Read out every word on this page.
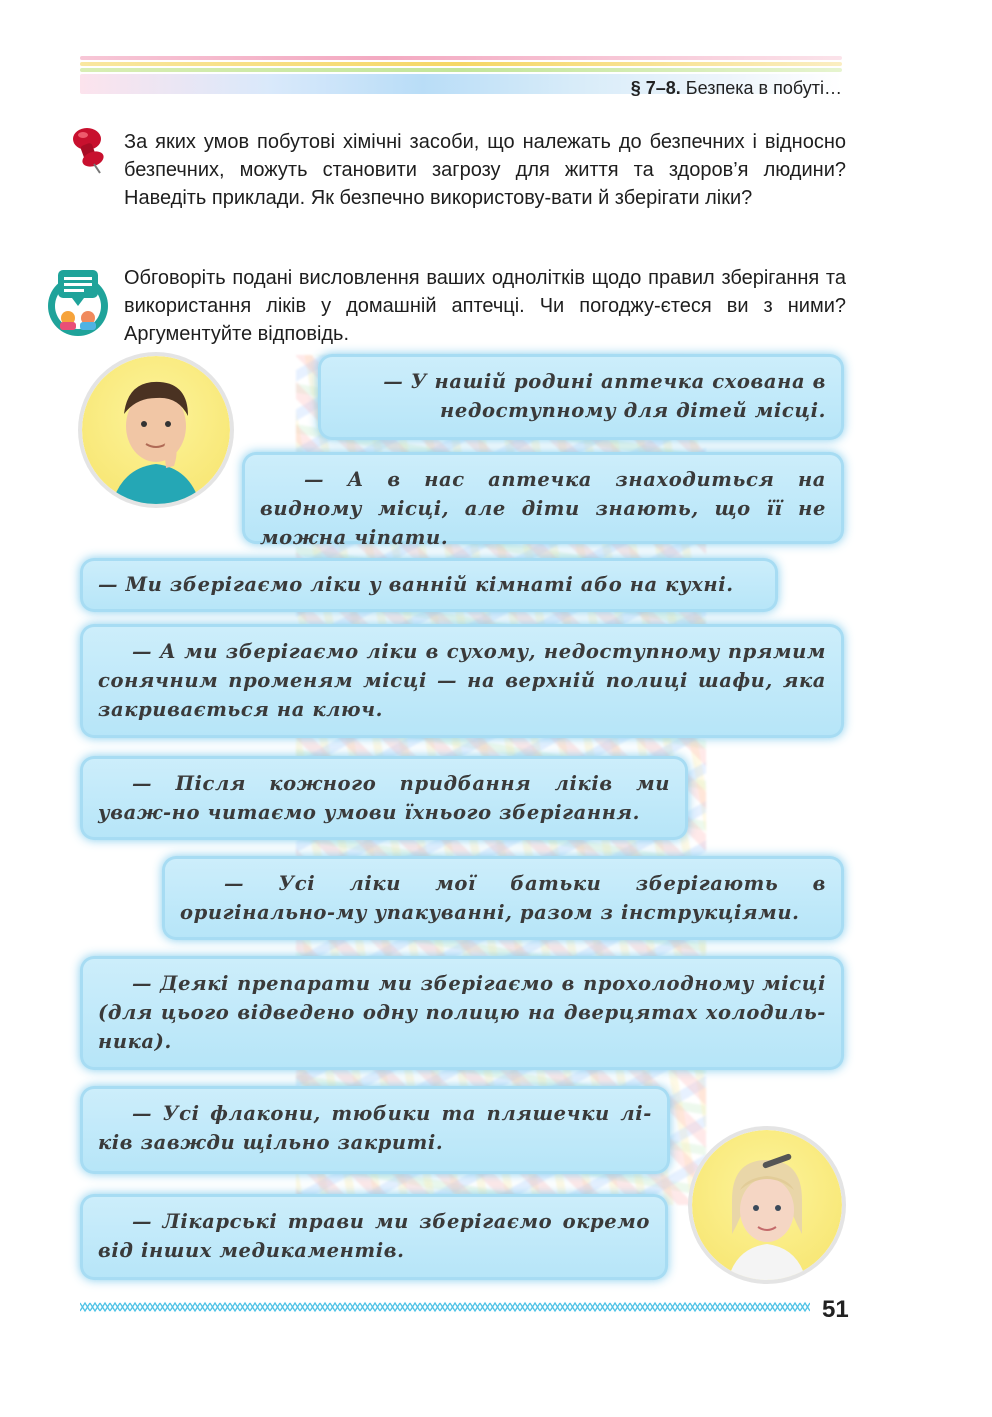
§ 7–8. Безпека в побуті…
За яких умов побутові хімічні засоби, що належать до безпечних і відносно безпечних, можуть становити загрозу для життя та здоров’я людини? Наведіть приклади. Як безпечно використову-вати й зберігати ліки?
Обговоріть подані висловлення ваших однолітків щодо правил зберігання та використання ліків у домашній аптечці. Чи погоджу-єтеся ви з ними? Аргументуйте відповідь.
— У нашій родині аптечка схована в недоступному для дітей місці.
— А в нас аптечка знаходиться на видному місці, але діти знають, що її не можна чіпати.
— Ми зберігаємо ліки у ванній кімнаті або на кухні.
— А ми зберігаємо ліки в сухому, недоступному прямим сонячним променям місці — на верхній полиці шафи, яка закривається на ключ.
— Після кожного придбання ліків ми уваж-но читаємо умови їхнього зберігання.
— Усі ліки мої батьки зберігають в оригінально-му упакуванні, разом з інструкціями.
— Деякі препарати ми зберігаємо в прохолодному місці (для цього відведено одну полицю на дверцятах холодиль-ника).
— Усі флакони, тюбики та пляшечки лі-ків завжди щільно закриті.
— Лікарські трави ми зберігаємо окремо від інших медикаментів.
51
